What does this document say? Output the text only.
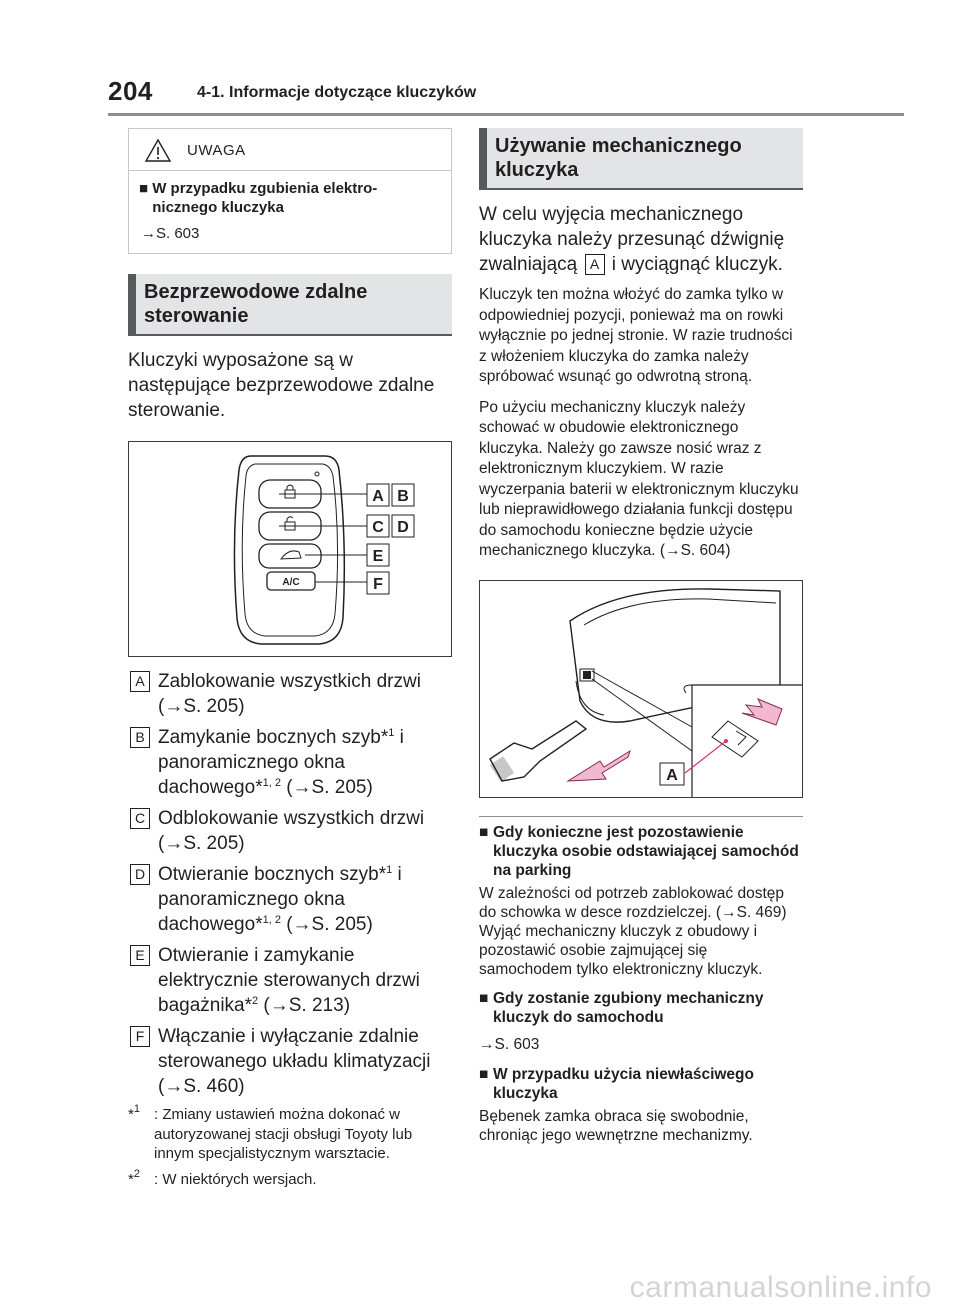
204	4-1. Informacje dotyczące kluczyków
UWAGA
■ W przypadku zgubienia elektro-nicznego kluczyka
→S. 603
Bezprzewodowe zdalne sterowanie

Kluczyki wyposażone są w następujące bezprzewodowe zdalne sterowanie.

A/C
A B
C D
E
F
A Zablokowanie wszystkich drzwi (→S. 205)
B Zamykanie bocznych szyb*$^1$ i panoramicznego okna dachowego*$^{1, 2}$ (→S. 205)
C Odblokowanie wszystkich drzwi (→S. 205)
D Otwieranie bocznych szyb*$^1$ i panoramicznego okna dachowego*$^{1, 2}$ (→S. 205)
E Otwieranie i zamykanie elektrycznie sterowanych drzwi bagażnika*$^2$ (→S. 213)
F Włączanie i wyłączanie zdalnie sterowanego układu klimatyzacji (→S. 460)
*$^1$ : Zmiany ustawień można dokonać w autoryzowanej stacji obsługi Toyoty lub innym specjalistycznym warsztacie.
*$^2$ : W niektórych wersjach.
Używanie mechanicznego kluczyka

W celu wyjęcia mechanicznego kluczyka należy przesunąć dźwignię zwalniającą A i wyciągnąć kluczyk.

Kluczyk ten można włożyć do zamka tylko w odpowiedniej pozycji, ponieważ ma on rowki wyłącznie po jednej stronie. W razie trudności z włożeniem kluczyka do zamka należy spróbować wsunąć go odwrotną stroną.

Po użyciu mechaniczny kluczyk należy schować w obudowie elektronicznego kluczyka. Należy go zawsze nosić wraz z elektronicznym kluczykiem. W razie wyczerpania baterii w elektronicznym kluczyku lub nieprawidłowego działania funkcji dostępu do samochodu konieczne będzie użycie mechanicznego kluczyka. (→S. 604)

A
■ Gdy konieczne jest pozostawienie kluczyka osobie odstawiającej samochód na parking

W zależności od potrzeb zablokować dostęp do schowka w desce rozdzielczej. (→S. 469)

Wyjąć mechaniczny kluczyk z obudowy i pozostawić osobie zajmującej się samochodem tylko elektroniczny kluczyk.

■ Gdy zostanie zgubiony mechaniczny kluczyk do samochodu

→S. 603

■ W przypadku użycia niewłaściwego kluczyka

Bębenek zamka obraca się swobodnie, chroniąc jego wewnętrzne mechanizmy.

carmanualsonline.info
